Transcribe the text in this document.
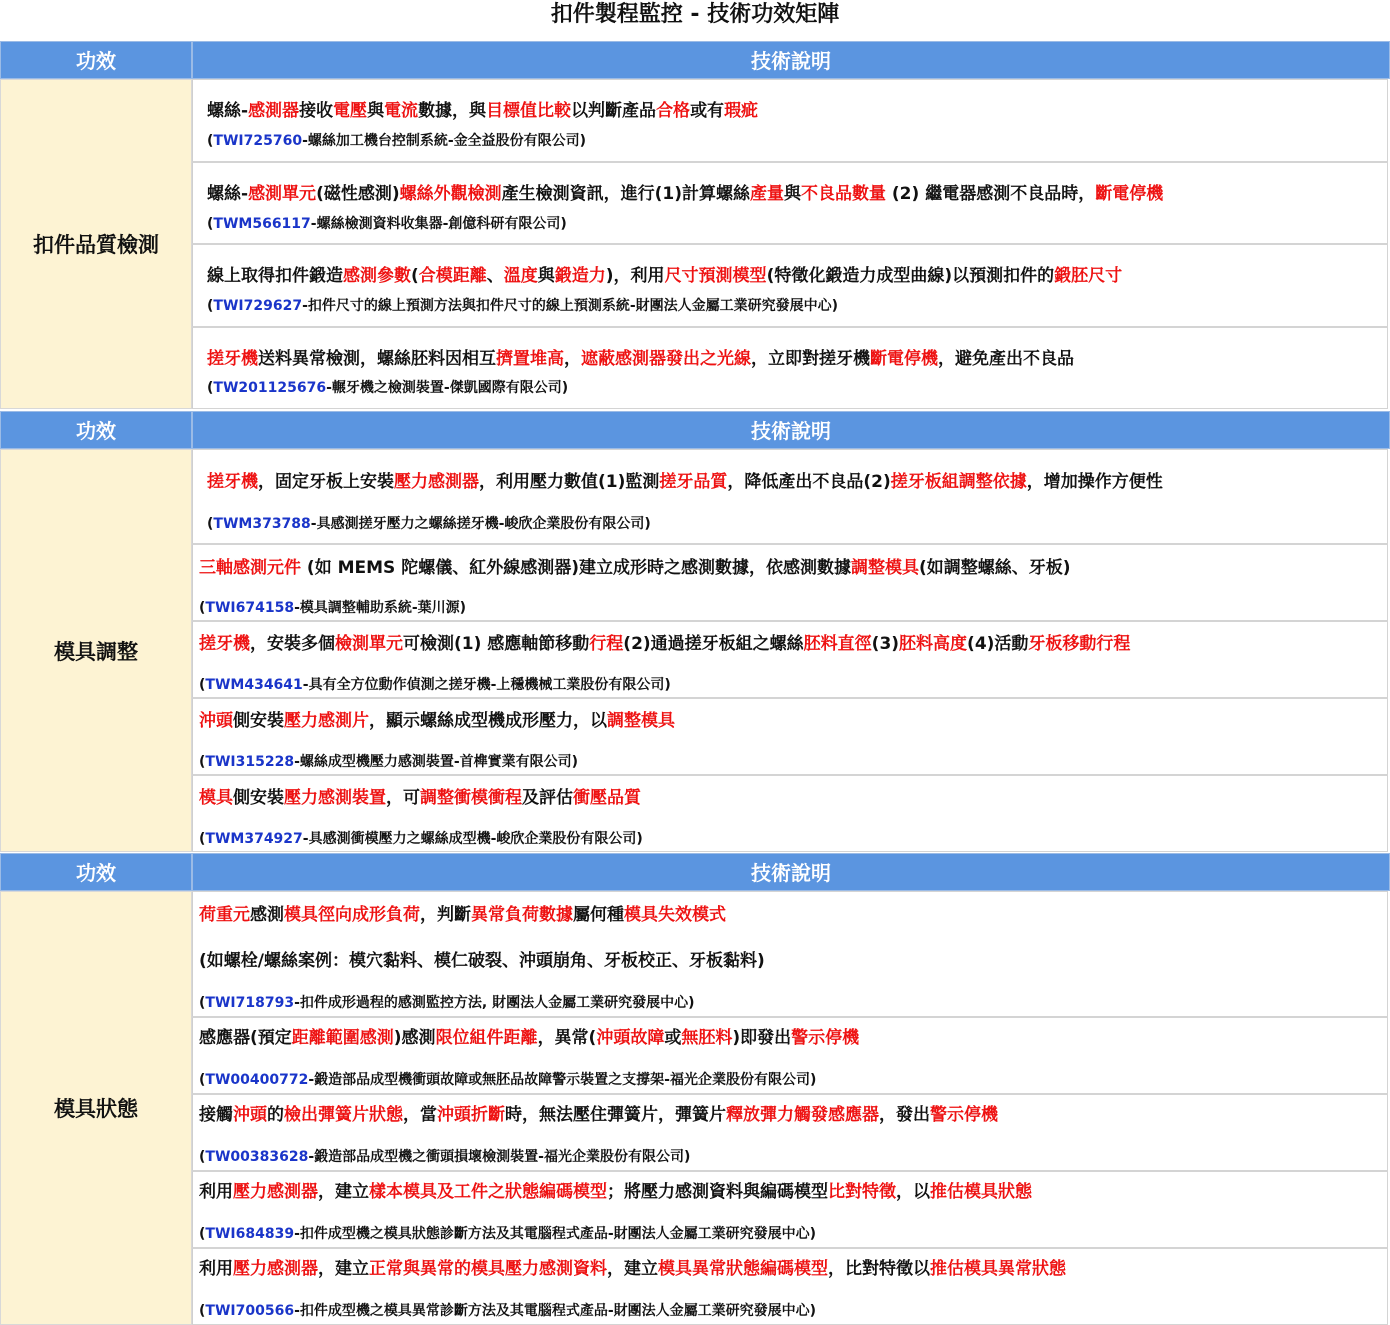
扣件製程監控 - 技術功效矩陣
功效	技術說明
扣件品質檢測
螺絲-感測器接收電壓與電流數據，與目標值比較以判斷產品合格或有瑕疵
(TWI725760-螺絲加工機台控制系統-金全益股份有限公司)
螺絲-感測單元(磁性感測)螺絲外觀檢測產生檢測資訊，進行(1)計算螺絲產量與不良品數量 (2) 繼電器感測不良品時，斷電停機
(TWM566117-螺絲檢測資料收集器-創億科研有限公司)
線上取得扣件鍛造感測參數(合模距離、溫度與鍛造力)，利用尺寸預測模型(特徵化鍛造力成型曲線)以預測扣件的鍛胚尺寸
(TWI729627-扣件尺寸的線上預測方法與扣件尺寸的線上預測系統-財團法人金屬工業研究發展中心)
搓牙機送料異常檢測，螺絲胚料因相互擠置堆高，遮蔽感測器發出之光線，立即對搓牙機斷電停機，避免產出不良品
(TW201125676-輾牙機之檢測裝置-傑凱國際有限公司)
功效	技術說明
模具調整
搓牙機，固定牙板上安裝壓力感測器，利用壓力數值(1)監測搓牙品質，降低產出不良品(2)搓牙板組調整依據，增加操作方便性
(TWM373788-具感測搓牙壓力之螺絲搓牙機-峻欣企業股份有限公司)
三軸感測元件 (如 MEMS 陀螺儀、紅外線感測器)建立成形時之感測數據，依感測數據調整模具(如調整螺絲、牙板)
(TWI674158-模具調整輔助系統-葉川源)
搓牙機，安裝多個檢測單元可檢測(1) 感應軸節移動行程(2)通過搓牙板組之螺絲胚料直徑(3)胚料高度(4)活動牙板移動行程
(TWM434641-具有全方位動作偵測之搓牙機-上穩機械工業股份有限公司)
沖頭側安裝壓力感測片，顯示螺絲成型機成形壓力，以調整模具
(TWI315228-螺絲成型機壓力感測裝置-首榫實業有限公司)
模具側安裝壓力感測裝置，可調整衝模衝程及評估衝壓品質
(TWM374927-具感測衝模壓力之螺絲成型機-峻欣企業股份有限公司)
功效	技術說明
模具狀態
荷重元感測模具徑向成形負荷，判斷異常負荷數據屬何種模具失效模式
(如螺栓/螺絲案例：模穴黏料、模仁破裂、沖頭崩角、牙板校正、牙板黏料)
(TWI718793-扣件成形過程的感測監控方法, 財團法人金屬工業研究發展中心)
感應器(預定距離範圍感測)感測限位組件距離，異常(沖頭故障或無胚料)即發出警示停機
(TW00400772-鍛造部品成型機衝頭故障或無胚品故障警示裝置之支撐架-福光企業股份有限公司)
接觸沖頭的檢出彈簧片狀態，當沖頭折斷時，無法壓住彈簧片，彈簧片釋放彈力觸發感應器，發出警示停機
(TW00383628-鍛造部品成型機之衝頭損壞檢測裝置-福光企業股份有限公司)
利用壓力感測器，建立樣本模具及工件之狀態編碼模型；將壓力感測資料與編碼模型比對特徵，以推估模具狀態
(TWI684839-扣件成型機之模具狀態診斷方法及其電腦程式產品-財團法人金屬工業研究發展中心)
利用壓力感測器，建立正常與異常的模具壓力感測資料，建立模具異常狀態編碼模型，比對特徵以推估模具異常狀態
(TWI700566-扣件成型機之模具異常診斷方法及其電腦程式產品-財團法人金屬工業研究發展中心)
